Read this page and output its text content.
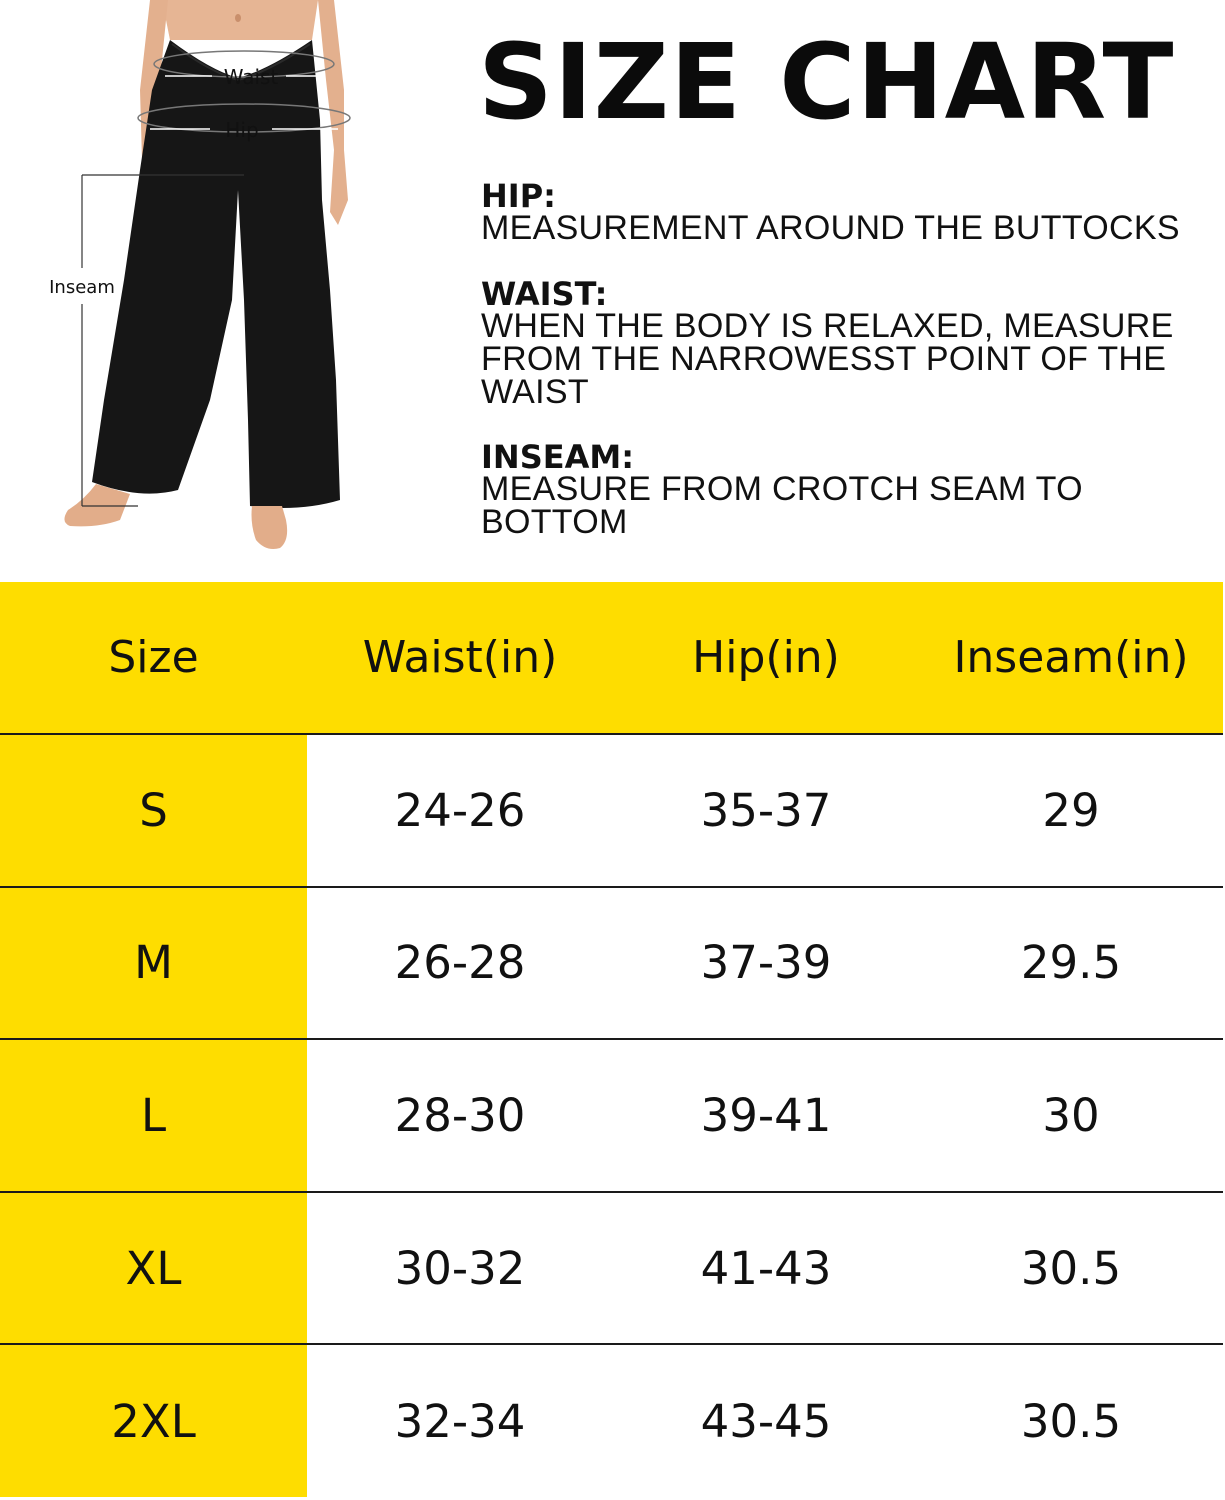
Waist
Hip
Inseam
SIZE CHART
HIP:
MEASUREMENT AROUND THE BUTTOCKS
WAIST:
WHEN THE BODY IS RELAXED, MEASURE FROM THE NARROWESST POINT OF THE WAIST
INSEAM:
MEASURE FROM CROTCH SEAM TO BOTTOM
Size	Waist(in)	Hip(in)	Inseam(in)
S	24-26	35-37	29
M	26-28	37-39	29.5
L	28-30	39-41	30
XL	30-32	41-43	30.5
2XL	32-34	43-45	30.5
